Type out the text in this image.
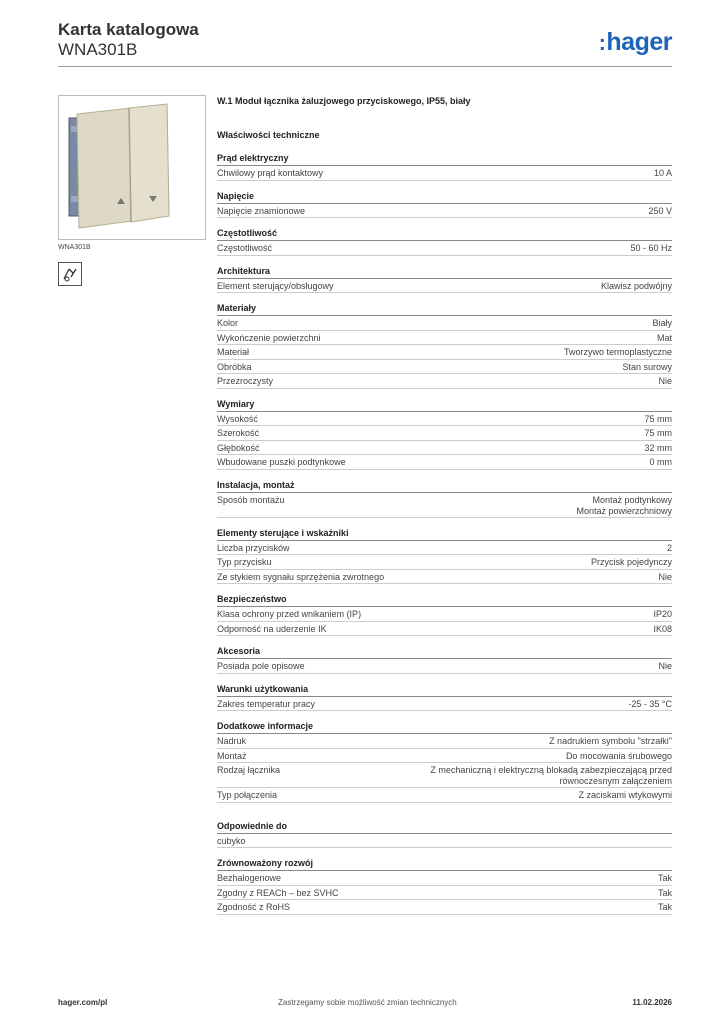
Karta katalogowa
WNA301B	:hager
WNA301B
W.1 Moduł łącznika żaluzjowego przyciskowego, IP55, biały
Właściwości techniczne
Prąd elektryczny
Chwilowy prąd kontaktowy	10 A
Napięcie
Napięcie znamionowe	250 V
Częstotliwość
Częstotliwość	50 - 60 Hz
Architektura
Element sterujący/obsługowy	Klawisz podwójny
Materiały
Kolor	Biały
Wykończenie powierzchni	Mat
Materiał	Tworzywo termoplastyczne
Obróbka	Stan surowy
Przezroczysty	Nie
Wymiary
Wysokość	75 mm
Szerokość	75 mm
Głębokość	32 mm
Wbudowane puszki podtynkowe	0 mm
Instalacja, montaż
Sposób montażu	Montaż podtynkowy
Montaż powierzchniowy
Elementy sterujące i wskaźniki
Liczba przycisków	2
Typ przycisku	Przycisk pojedynczy
Ze stykiem sygnału sprzężenia zwrotnego	Nie
Bezpieczeństwo
Klasa ochrony przed wnikaniem (IP)	IP20
Odporność na uderzenie IK	IK08
Akcesoria
Posiada pole opisowe	Nie
Warunki użytkowania
Zakres temperatur pracy	-25 - 35 °C
Dodatkowe informacje
Nadruk	Z nadrukiem symbolu "strzałki"
Montaż	Do mocowania śrubowego
Rodzaj łącznika	Z mechaniczną i elektryczną blokadą zabezpieczającą przed
równoczesnym załączeniem
Typ połączenia	Z zaciskami wtykowymi
Odpowiednie do
cubyko
Zrównoważony rozwój
Bezhalogenowe	Tak
Zgodny z REACh – bez SVHC	Tak
Zgodność z RoHS	Tak
hager.com/pl	Zastrzegamy sobie możliwość zmian technicznych	11.02.2026
